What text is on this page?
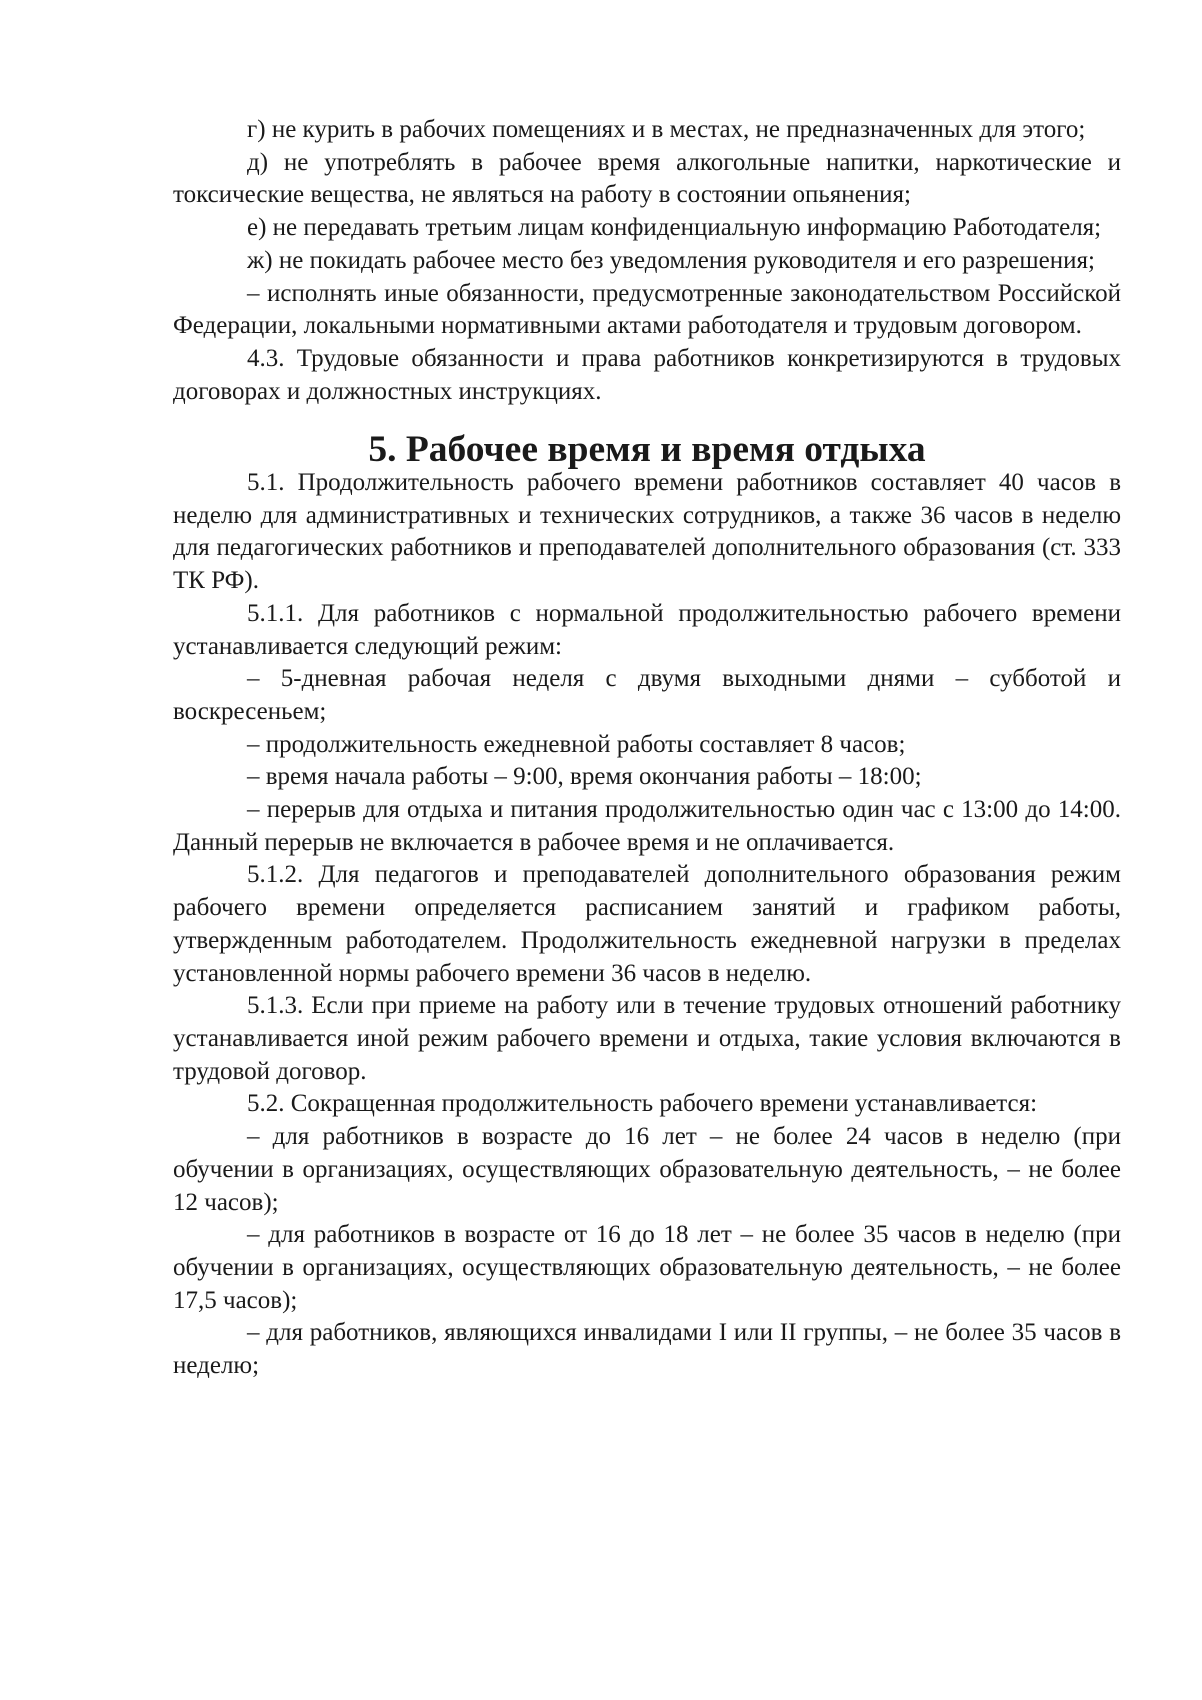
г) не курить в рабочих помещениях и в местах, не предназначенных для этого;

д) не употреблять в рабочее время алкогольные напитки, наркотические и токсические вещества, не являться на работу в состоянии опьянения;

е) не передавать третьим лицам конфиденциальную информацию Работодателя;

ж) не покидать рабочее место без уведомления руководителя и его разрешения;

– исполнять иные обязанности, предусмотренные законодательством Российской Федерации, локальными нормативными актами работодателя и трудовым договором.

4.3. Трудовые обязанности и права работников конкретизируются в трудовых договорах и должностных инструкциях.

5. Рабочее время и время отдыха

5.1. Продолжительность рабочего времени работников составляет 40 часов в неделю для административных и технических сотрудников, а также 36 часов в неделю для педагогических работников и преподавателей дополнительного образования (ст. 333 ТК РФ).

5.1.1. Для работников с нормальной продолжительностью рабочего времени устанавливается следующий режим:

– 5-дневная рабочая неделя с двумя выходными днями – субботой и воскресеньем;

– продолжительность ежедневной работы составляет 8 часов;

– время начала работы – 9:00, время окончания работы – 18:00;

– перерыв для отдыха и питания продолжительностью один час с 13:00 до 14:00. Данный перерыв не включается в рабочее время и не оплачивается.

5.1.2. Для педагогов и преподавателей дополнительного образования режим рабочего времени определяется расписанием занятий и графиком работы, утвержденным работодателем. Продолжительность ежедневной нагрузки в пределах установленной нормы рабочего времени 36 часов в неделю.

5.1.3. Если при приеме на работу или в течение трудовых отношений работнику устанавливается иной режим рабочего времени и отдыха, такие условия включаются в трудовой договор.

5.2. Сокращенная продолжительность рабочего времени устанавливается:

– для работников в возрасте до 16 лет – не более 24 часов в неделю (при обучении в организациях, осуществляющих образовательную деятельность, – не более 12 часов);

– для работников в возрасте от 16 до 18 лет – не более 35 часов в неделю (при обучении в организациях, осуществляющих образовательную деятельность, – не более 17,5 часов);

– для работников, являющихся инвалидами I или II группы, – не более 35 часов в неделю;
